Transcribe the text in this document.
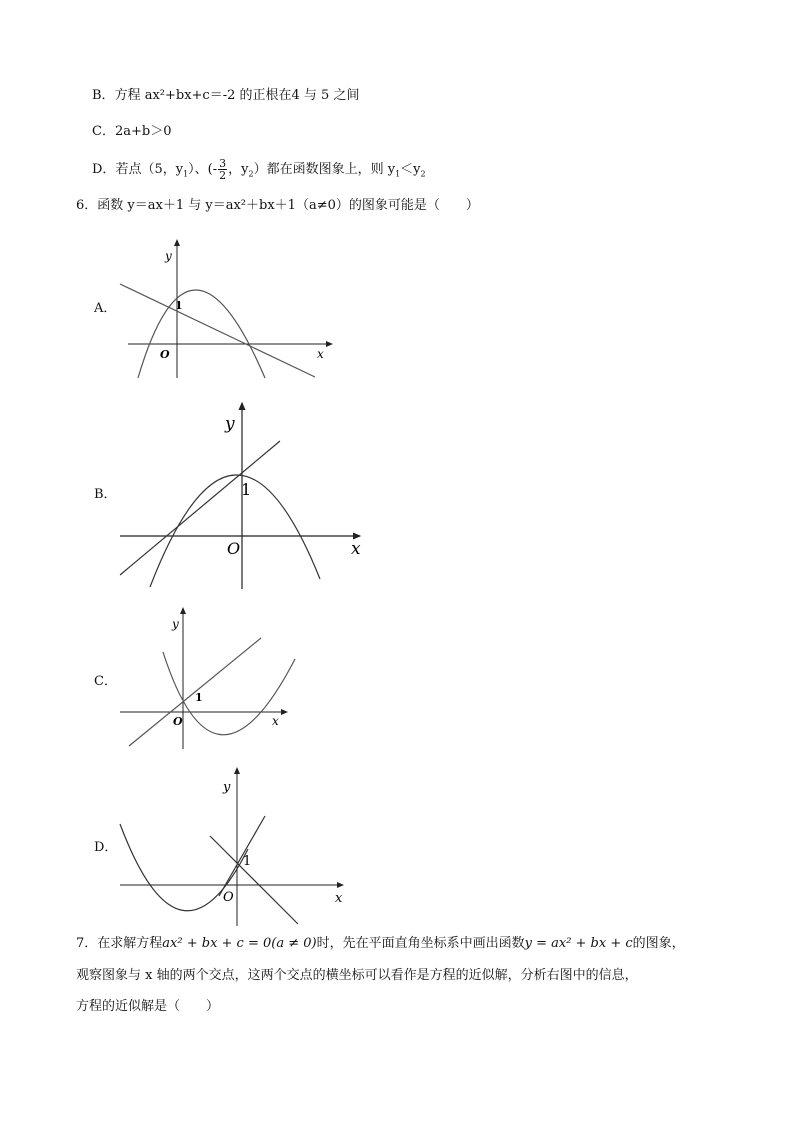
B．方程 ax²+bx+c＝-2 的正根在4 与 5 之间
C．2a+b＞0
D．若点（5，$y_1$）、(- $\frac{3}{2}$ ，$y_2$）都在函数图象上，则 $y_1<y_2$
6．函数 y＝ax＋1 与 y＝ax²＋bx＋1（a≠0）的图象可能是（　　）
A．
y
x
O
1
B．
y
x
O
1
C．
y
x
O
1
D．
y
x
O
1
7．在求解方程ax² + bx + c = 0(a ≠ 0)时，先在平面直角坐标系中画出函数y = ax² + bx + c的图象，
观察图象与 x 轴的两个交点，这两个交点的横坐标可以看作是方程的近似解，分析右图中的信息，
方程的近似解是（　　）
